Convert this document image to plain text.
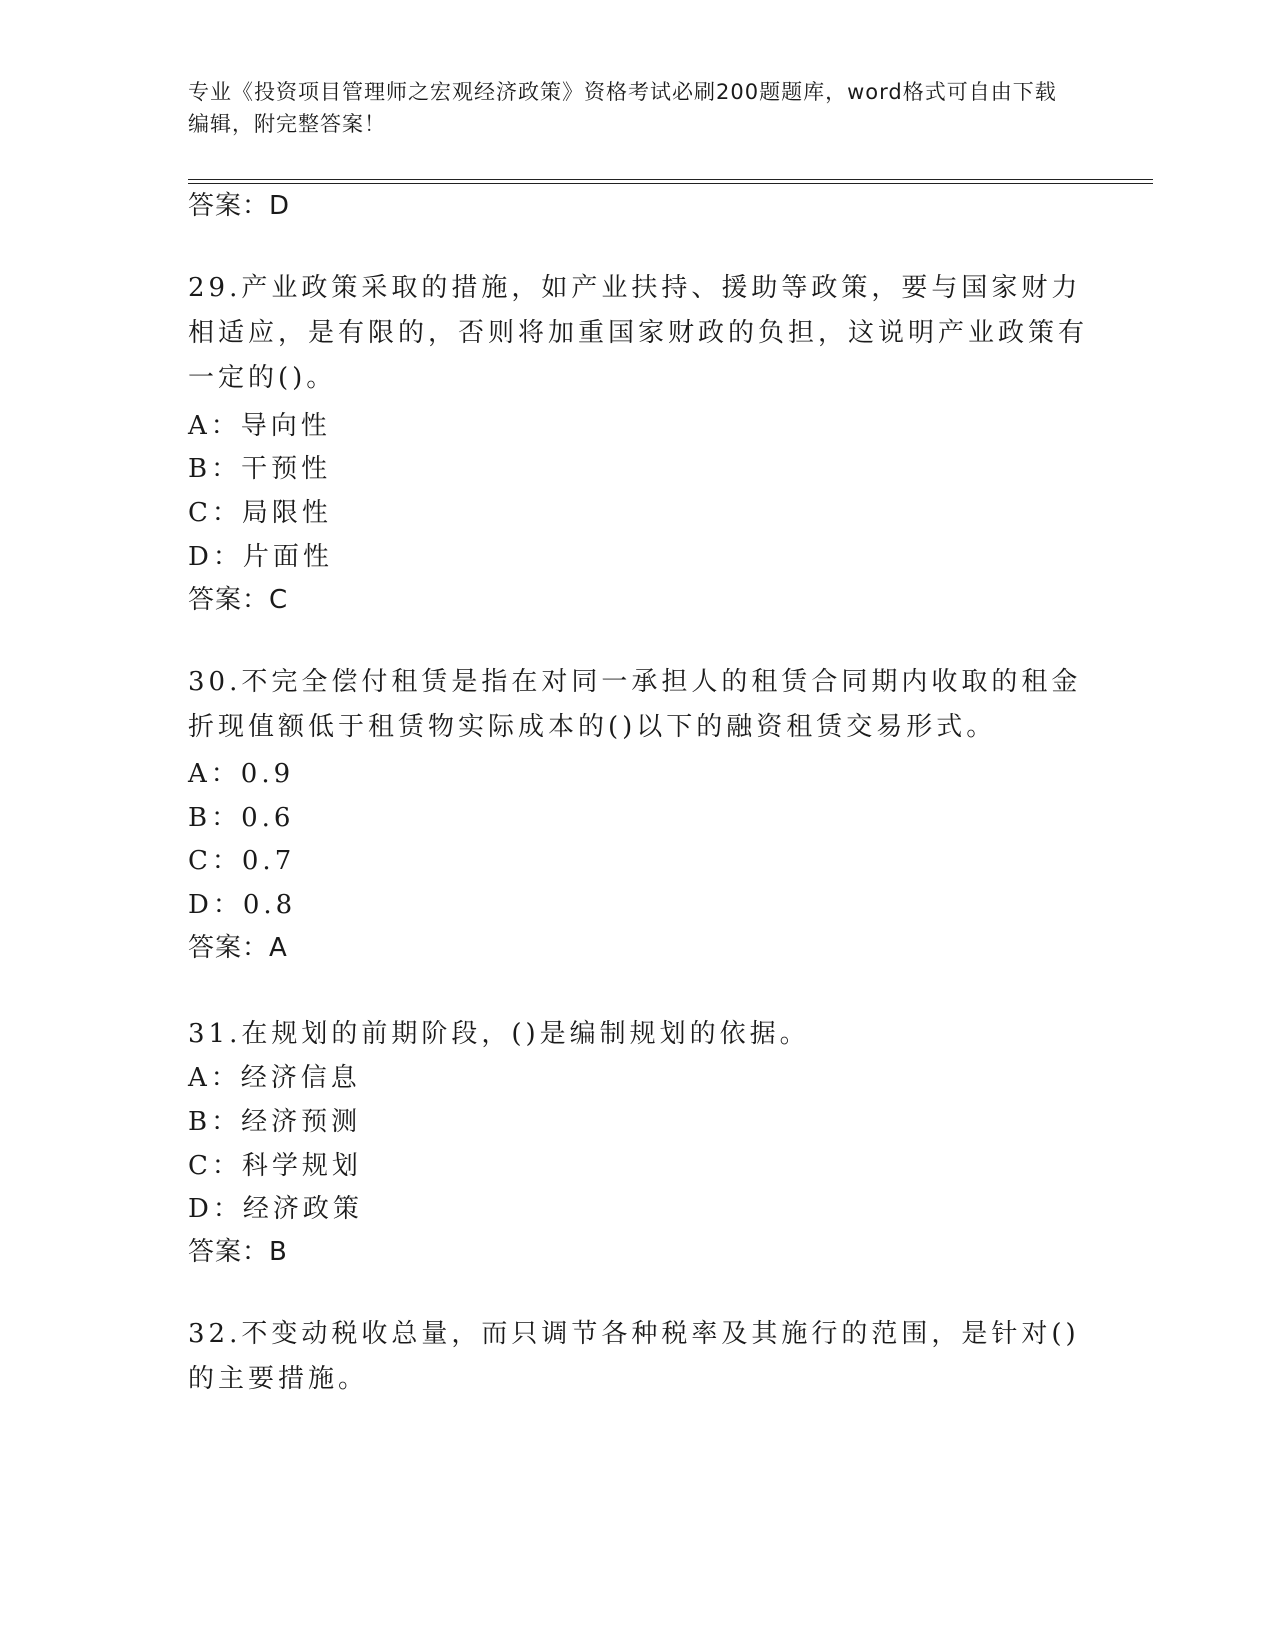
专业《投资项目管理师之宏观经济政策》资格考试必刷200题题库，word格式可自由下载编辑，附完整答案！
答案：D
29.产业政策采取的措施，如产业扶持、援助等政策，要与国家财力相适应，是有限的，否则将加重国家财政的负担，这说明产业政策有一定的()。
A：导向性
B：干预性
C：局限性
D：片面性
答案：C
30.不完全偿付租赁是指在对同一承担人的租赁合同期内收取的租金折现值额低于租赁物实际成本的()以下的融资租赁交易形式。
A：0.9
B：0.6
C：0.7
D：0.8
答案：A
31.在规划的前期阶段，()是编制规划的依据。
A：经济信息
B：经济预测
C：科学规划
D：经济政策
答案：B
32.不变动税收总量，而只调节各种税率及其施行的范围，是针对()的主要措施。
